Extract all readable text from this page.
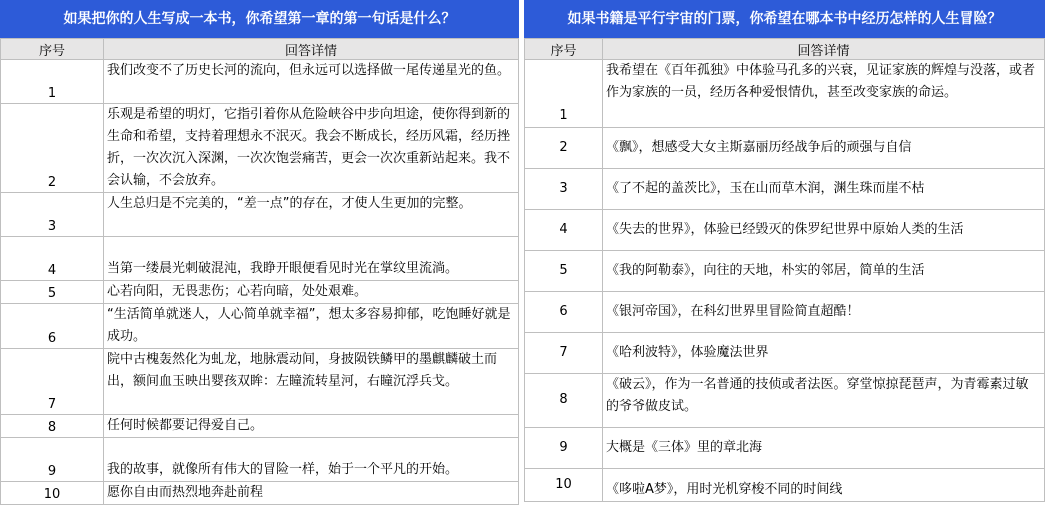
如果把你的人生写成一本书，你希望第一章的第一句话是什么？
序号	回答详情
1	我们改变不了历史长河的流向，但永远可以选择做一尾传递星光的鱼。
2	乐观是希望的明灯，它指引着你从危险峡谷中步向坦途，使你得到新的生命和希望，支持着理想永不泯灭。我会不断成长，经历风霜，经历挫折，一次次沉入深渊，一次次饱尝痛苦，更会一次次重新站起来。我不会认输，不会放弃。
3	人生总归是不完美的，“差一点”的存在，才使人生更加的完整。
4	当第一缕晨光刺破混沌，我睁开眼便看见时光在掌纹里流淌。
5	心若向阳，无畏悲伤；心若向暗，处处艰难。
6	“生活简单就迷人，人心简单就幸福”，想太多容易抑郁，吃饱睡好就是成功。
7	院中古槐轰然化为虬龙，地脉震动间，身披陨铁鳞甲的墨麒麟破土而出，额间血玉映出婴孩双眸：左瞳流转星河，右瞳沉浮兵戈。
8	任何时候都要记得爱自己。
9	我的故事，就像所有伟大的冒险一样，始于一个平凡的开始。
10	愿你自由而热烈地奔赴前程
如果书籍是平行宇宙的门票，你希望在哪本书中经历怎样的人生冒险？
序号	回答详情
1	我希望在《百年孤独》中体验马孔多的兴衰，见证家族的辉煌与没落，或者作为家族的一员，经历各种爱恨情仇，甚至改变家族的命运。
2	《飘》，想感受大女主斯嘉丽历经战争后的顽强与自信
3	《了不起的盖茨比》，玉在山而草木润，渊生珠而崖不枯
4	《失去的世界》，体验已经毁灭的侏罗纪世界中原始人类的生活
5	《我的阿勒泰》，向往的天地，朴实的邻居，简单的生活
6	《银河帝国》，在科幻世界里冒险简直超酷！
7	《哈利波特》，体验魔法世界
8	《破云》，作为一名普通的技侦或者法医。穿堂惊掠琵琶声，为青霉素过敏的爷爷做皮试。
9	大概是《三体》里的章北海
10	《哆啦A梦》，用时光机穿梭不同的时间线
